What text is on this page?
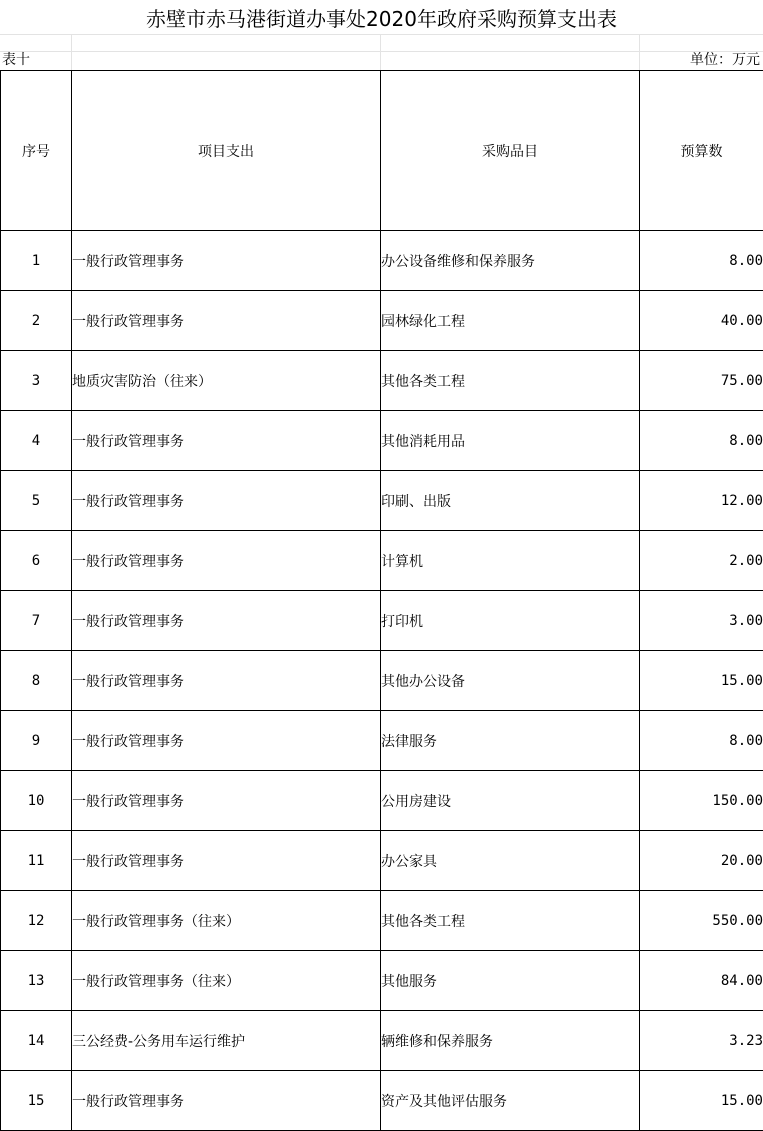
赤壁市赤马港街道办事处2020年政府采购预算支出表
表十	单位：万元
序号	项目支出	采购品目	预算数
1	一般行政管理事务	办公设备维修和保养服务	8.00
2	一般行政管理事务	园林绿化工程	40.00
3	地质灾害防治（往来）	其他各类工程	75.00
4	一般行政管理事务	其他消耗用品	8.00
5	一般行政管理事务	印刷、出版	12.00
6	一般行政管理事务	计算机	2.00
7	一般行政管理事务	打印机	3.00
8	一般行政管理事务	其他办公设备	15.00
9	一般行政管理事务	法律服务	8.00
10	一般行政管理事务	公用房建设	150.00
11	一般行政管理事务	办公家具	20.00
12	一般行政管理事务（往来）	其他各类工程	550.00
13	一般行政管理事务（往来）	其他服务	84.00
14	三公经费-公务用车运行维护	辆维修和保养服务	3.23
15	一般行政管理事务	资产及其他评估服务	15.00
